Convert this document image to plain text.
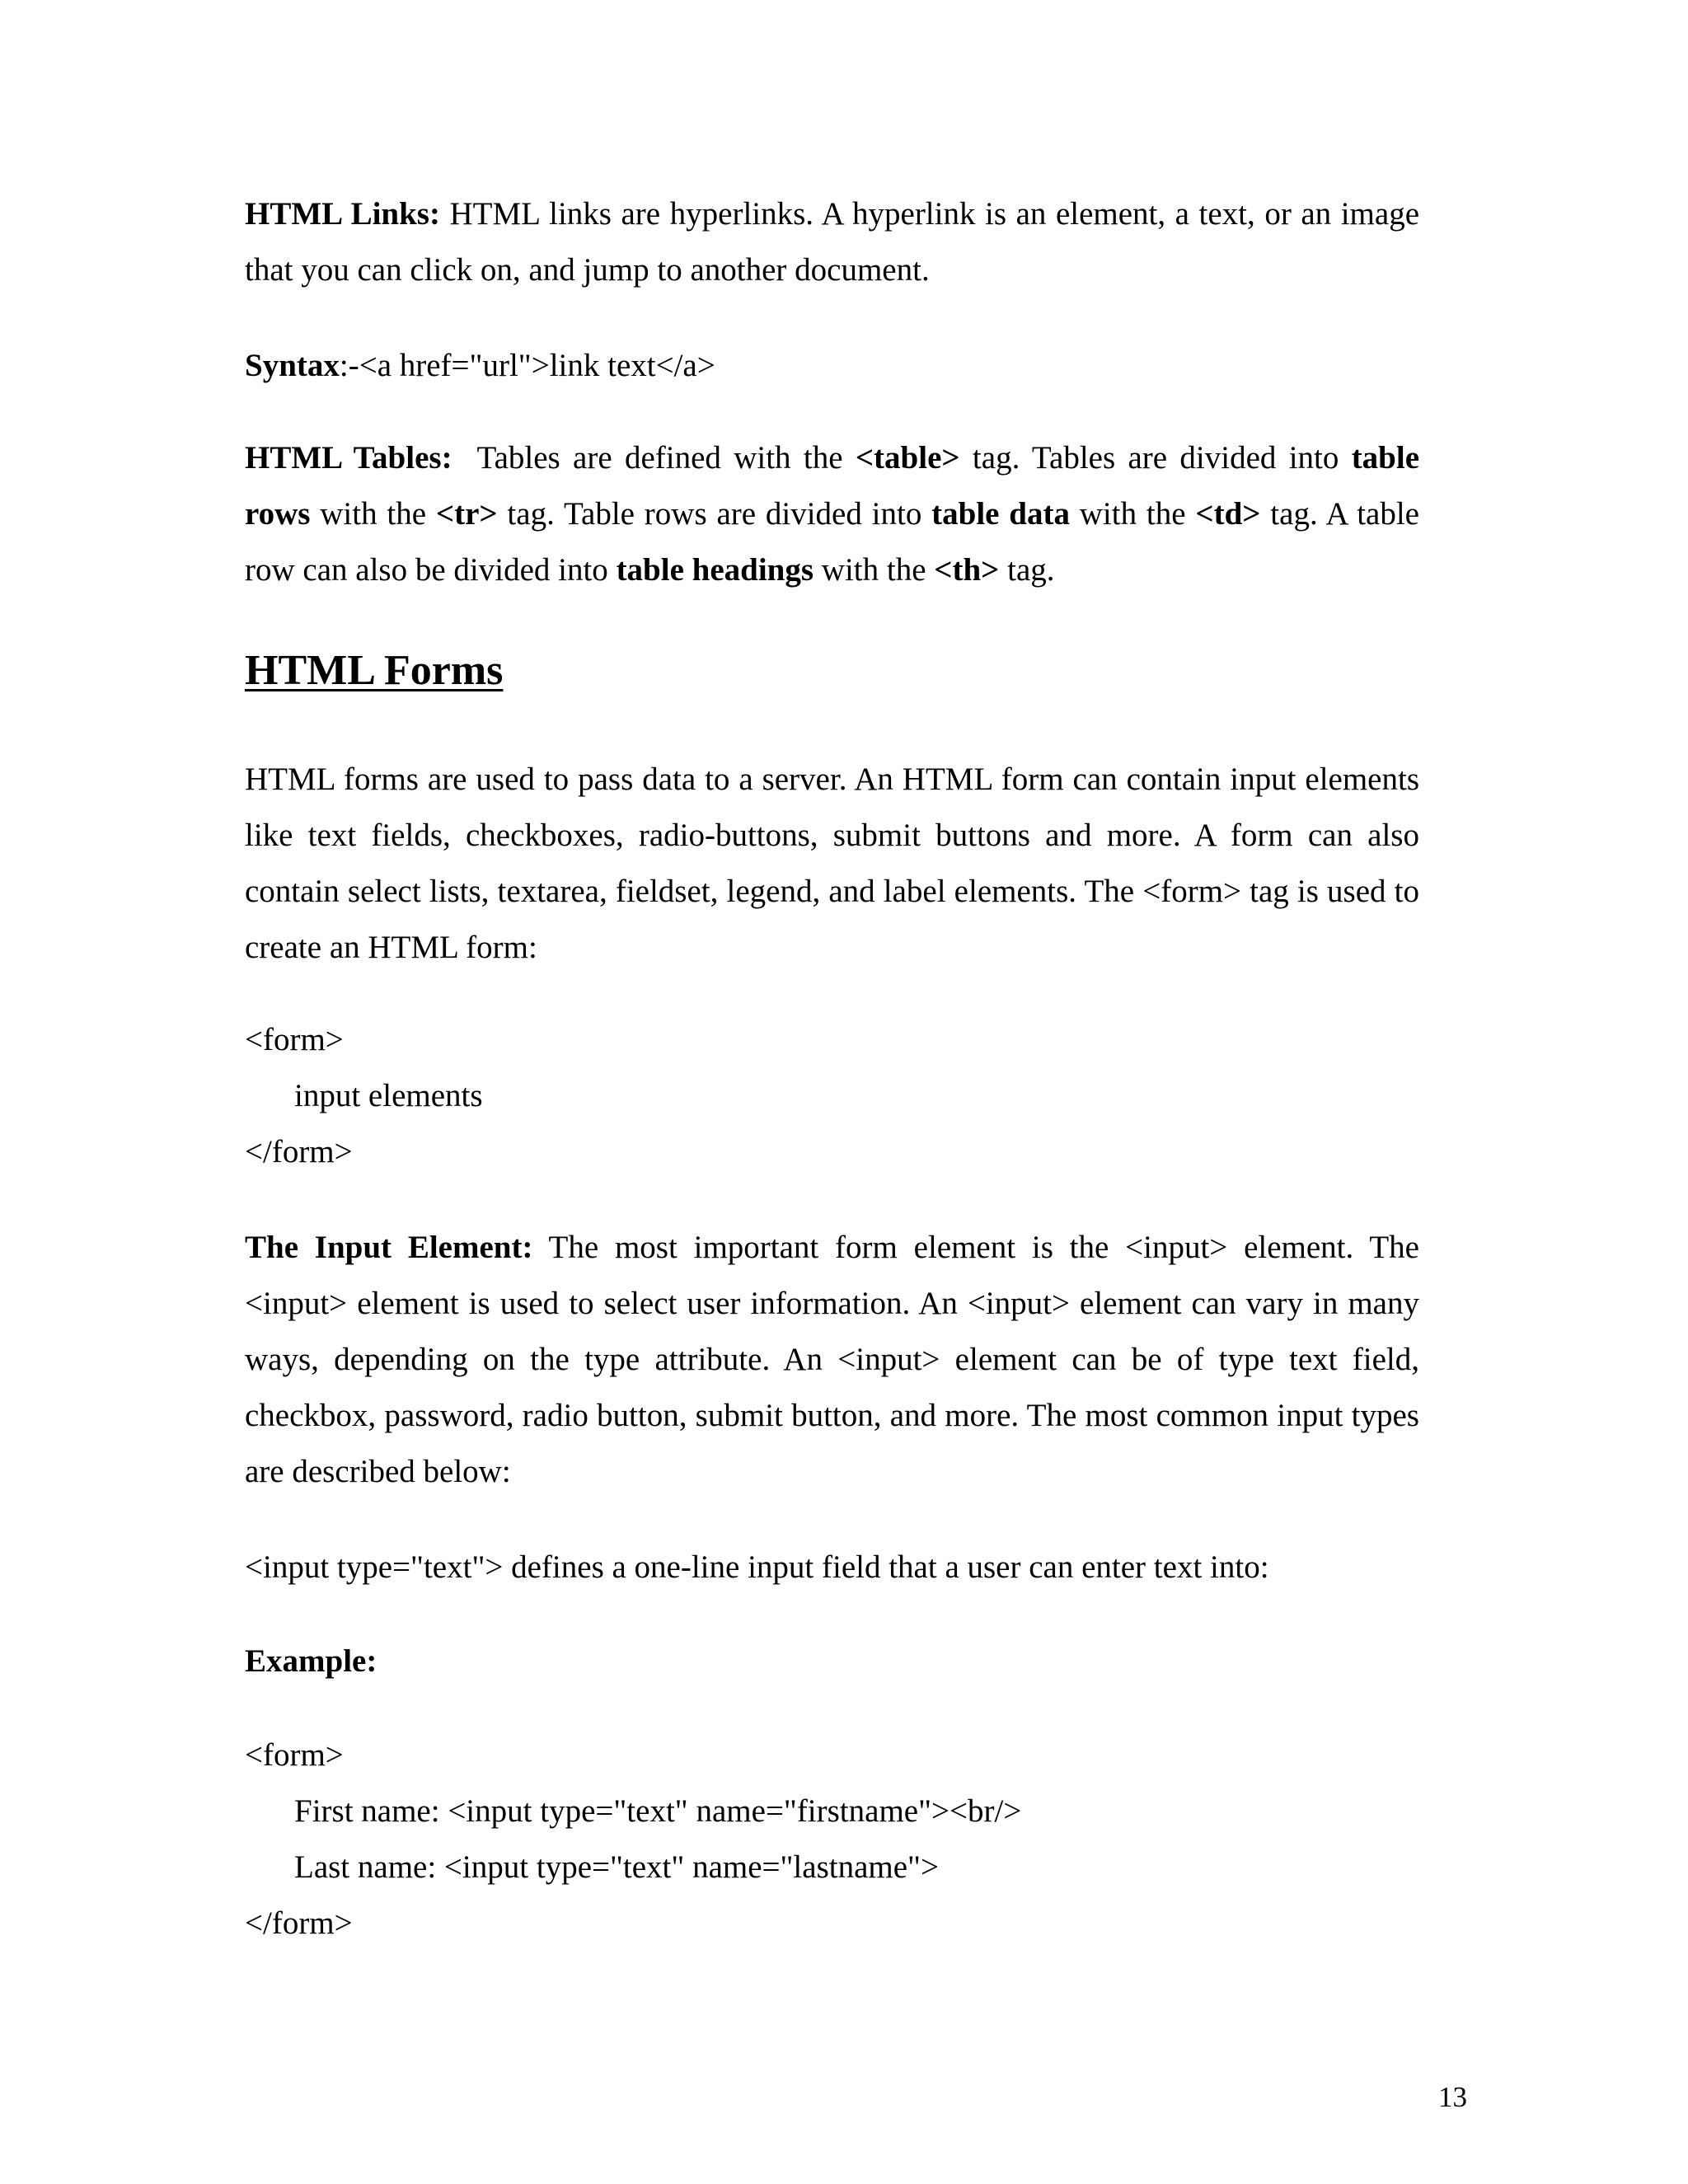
HTML Links: HTML links are hyperlinks. A hyperlink is an element, a text, or an image that you can click on, and jump to another document.
Syntax:-<a href="url">link text</a>
HTML Tables:  Tables are defined with the <table> tag. Tables are divided into table rows with the <tr> tag. Table rows are divided into table data with the <td> tag. A table row can also be divided into table headings with the <th> tag.
HTML Forms
HTML forms are used to pass data to a server. An HTML form can contain input elements like text fields, checkboxes, radio-buttons, submit buttons and more. A form can also contain select lists, textarea, fieldset, legend, and label elements. The <form> tag is used to create an HTML form:
<form>
input elements
</form>
The Input Element: The most important form element is the <input> element. The <input> element is used to select user information. An <input> element can vary in many ways, depending on the type attribute. An <input> element can be of type text field, checkbox, password, radio button, submit button, and more. The most common input types are described below:
<input type="text"> defines a one-line input field that a user can enter text into:
Example:
<form>
First name: <input type="text" name="firstname"><br/>
Last name: <input type="text" name="lastname">
</form>
13
